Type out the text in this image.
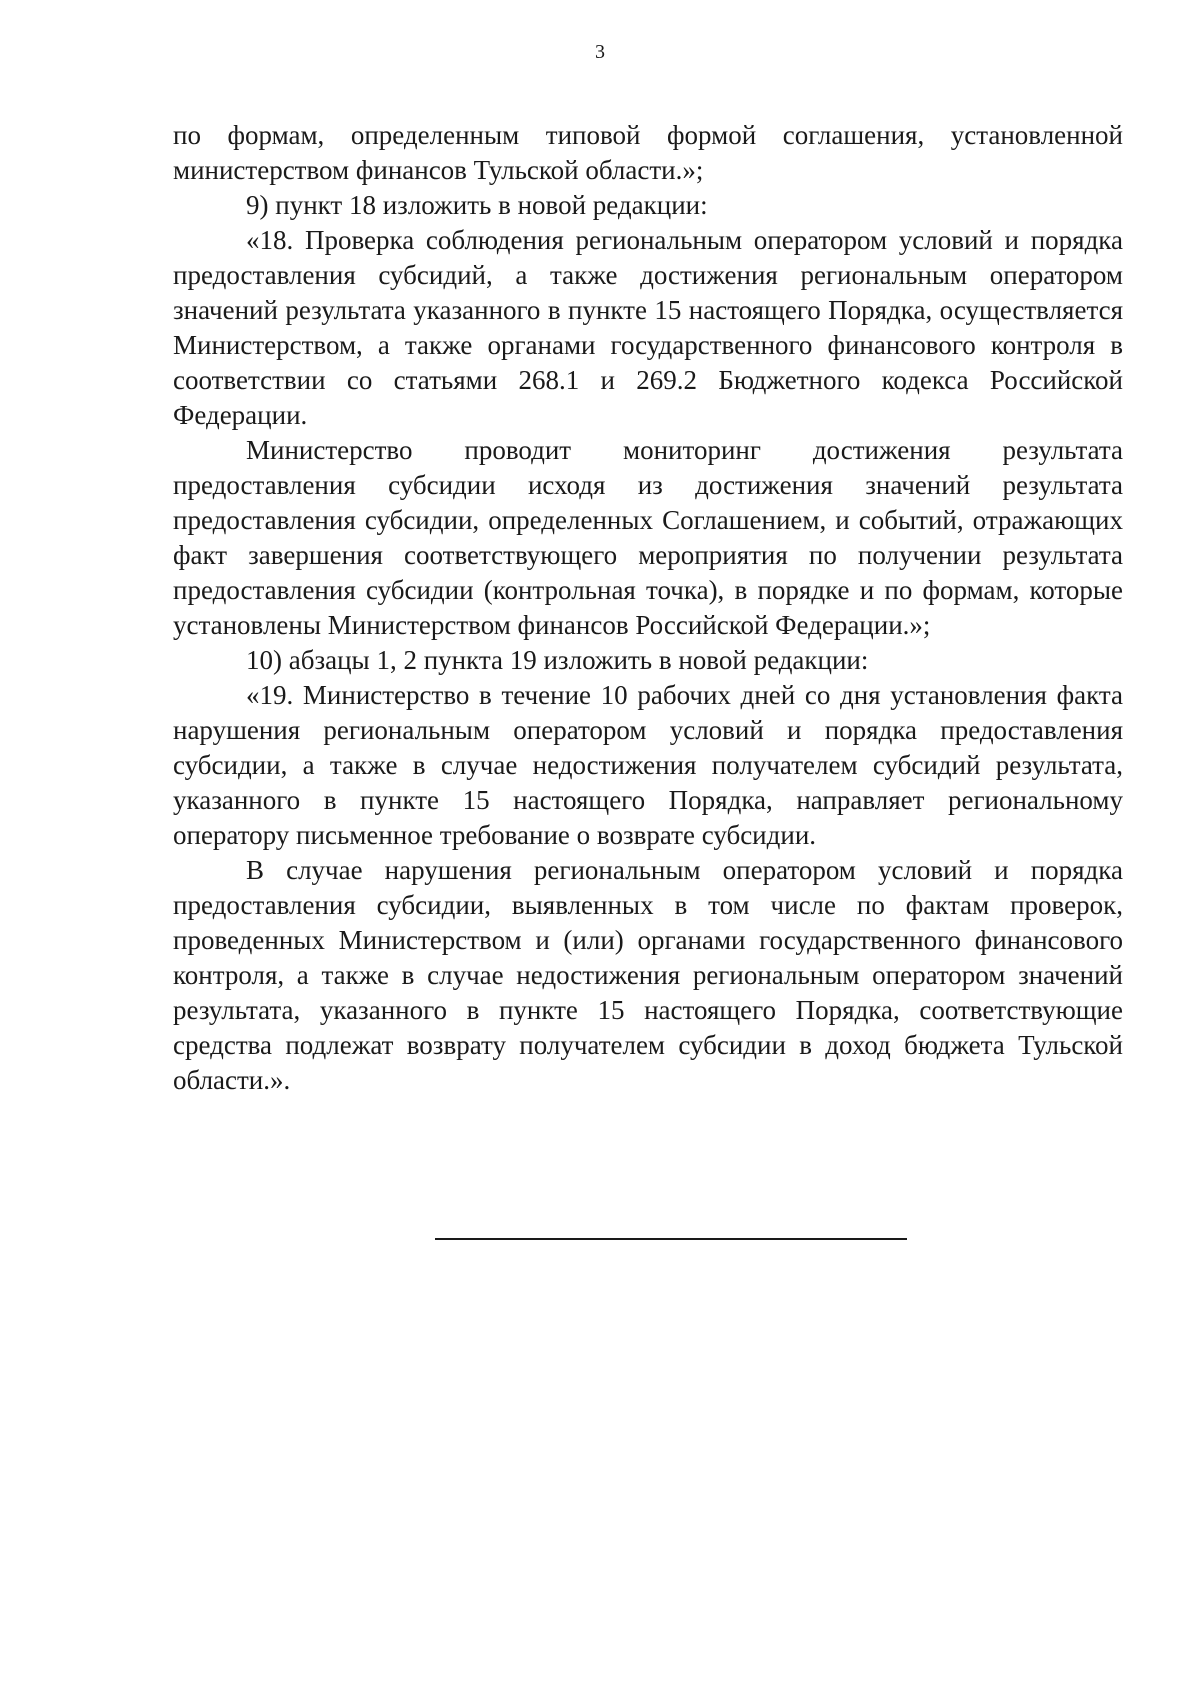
3

по формам, определенным типовой формой соглашения, установленной министерством финансов Тульской области.»;

9) пункт 18 изложить в новой редакции:

«18. Проверка соблюдения региональным оператором условий и порядка предоставления субсидий, а также достижения региональным оператором значений результата указанного в пункте 15 настоящего Порядка, осуществляется Министерством, а также органами государственного финансового контроля в соответствии со статьями 268.1 и 269.2 Бюджетного кодекса Российской Федерации.

Министерство проводит мониторинг достижения результата предоставления субсидии исходя из достижения значений результата предоставления субсидии, определенных Соглашением, и событий, отражающих факт завершения соответствующего мероприятия по получении результата предоставления субсидии (контрольная точка), в порядке и по формам, которые установлены Министерством финансов Российской Федерации.»;

10) абзацы 1, 2 пункта 19 изложить в новой редакции:

«19. Министерство в течение 10 рабочих дней со дня установления факта нарушения региональным оператором условий и порядка предоставления субсидии, а также в случае недостижения получателем субсидий результата, указанного в пункте 15 настоящего Порядка, направляет региональному оператору письменное требование о возврате субсидии.

В случае нарушения региональным оператором условий и порядка предоставления субсидии, выявленных в том числе по фактам проверок, проведенных Министерством и (или) органами государственного финансового контроля, а также в случае недостижения региональным оператором значений результата, указанного в пункте 15 настоящего Порядка, соответствующие средства подлежат возврату получателем субсидии в доход бюджета Тульской области.».
